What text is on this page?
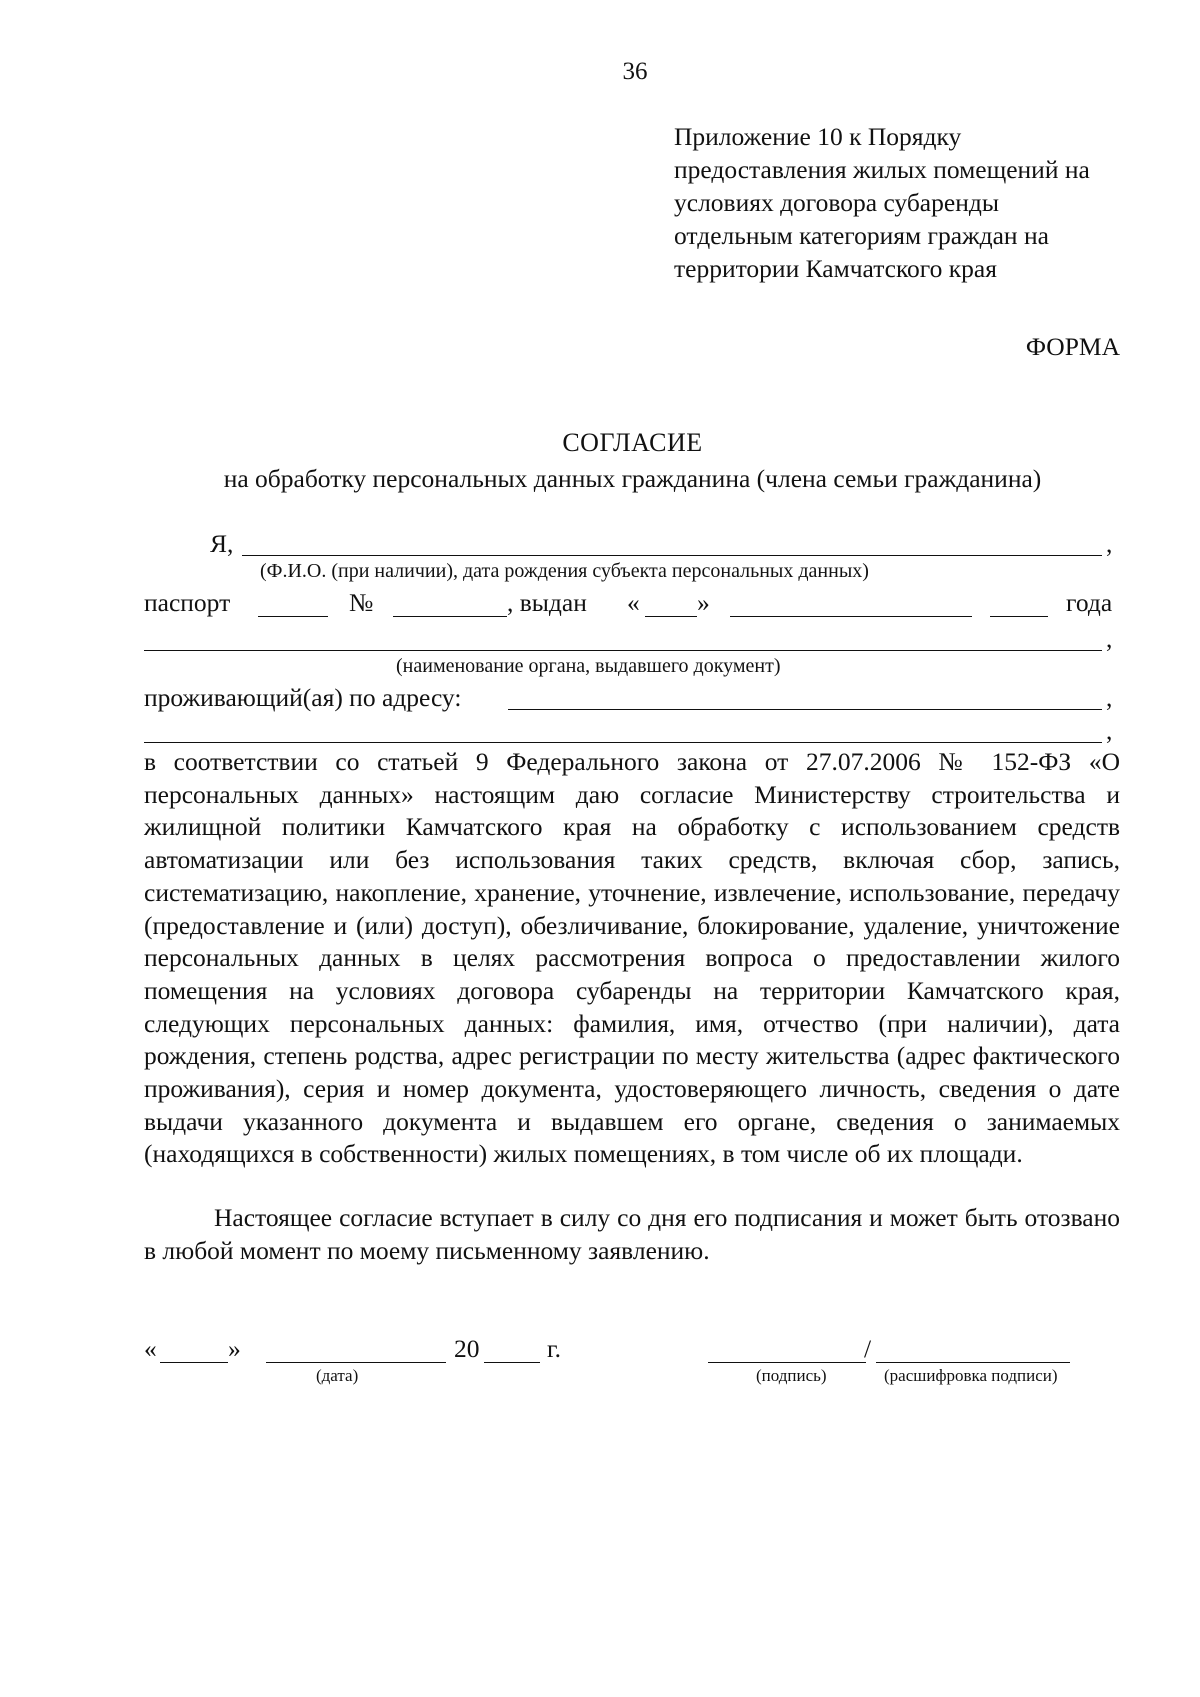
36
Приложение 10 к Порядку
предоставления жилых помещений на
условиях договора субаренды
отдельным категориям граждан на
территории Камчатского края
ФОРМА
СОГЛАСИЕ
на обработку персональных данных гражданина (члена семьи гражданина)
Я,	,
(Ф.И.О. (при наличии), дата рождения субъекта персональных данных)
паспорт	№	, выдан « »	года
,
(наименование органа, выдавшего документ)
проживающий(ая) по адресу:	,
,

в соответствии со статьей 9 Федерального закона от 27.07.2006 № 152-ФЗ «О персональных данных» настоящим даю согласие Министерству строительства и жилищной политики Камчатского края на обработку с использованием средств автоматизации или без использования таких средств, включая сбор, запись, систематизацию, накопление, хранение, уточнение, извлечение, использование, передачу (предоставление и (или) доступ), обезличивание, блокирование, удаление, уничтожение персональных данных в целях рассмотрения вопроса о предоставлении жилого помещения на условиях договора субаренды на территории Камчатского края, следующих персональных данных: фамилия, имя, отчество (при наличии), дата рождения, степень родства, адрес регистрации по месту жительства (адрес фактического проживания), серия и номер документа, удостоверяющего личность, сведения о дате выдачи указанного документа и выдавшем его органе, сведения о занимаемых (находящихся в собственности) жилых помещениях, в том числе об их площади.

Настоящее согласие вступает в силу со дня его подписания и может быть отозвано в любой момент по моему письменному заявлению.
«	»	20	г.
(дата)
/
(подпись)	(расшифровка подписи)
